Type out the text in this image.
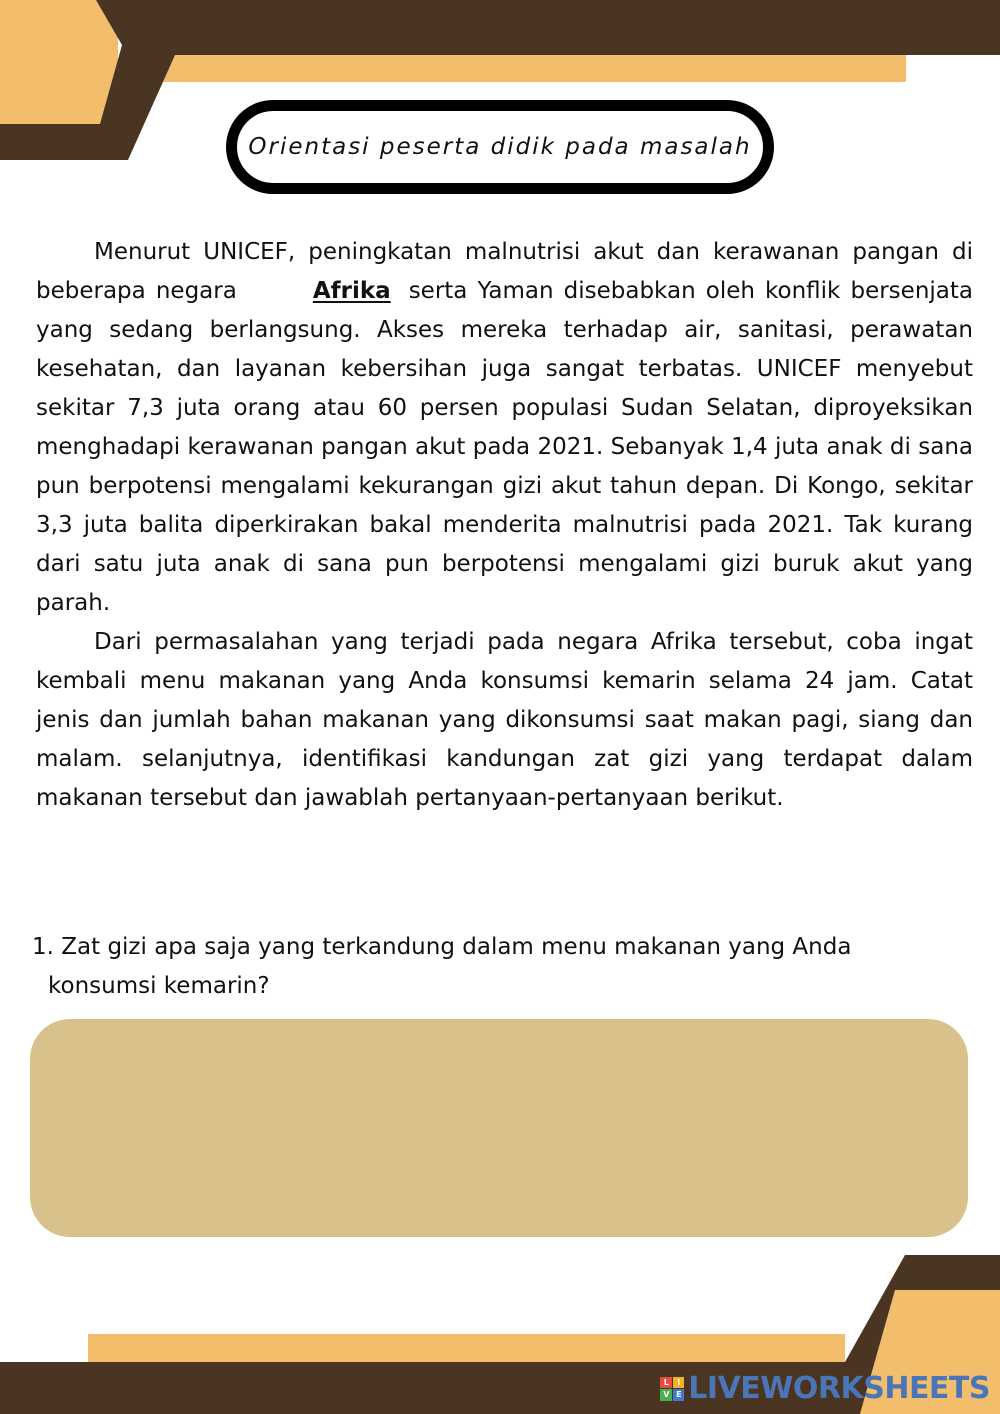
Orientasi peserta didik pada masalah

Menurut UNICEF, peningkatan malnutrisi akut dan kerawanan pangan di beberapa negara	Afrika serta Yaman disebabkan oleh konflik bersenjata yang sedang berlangsung. Akses mereka terhadap air, sanitasi, perawatan kesehatan, dan layanan kebersihan juga sangat terbatas. UNICEF menyebut sekitar 7,3 juta orang atau 60 persen populasi Sudan Selatan, diproyeksikan menghadapi kerawanan pangan akut pada 2021. Sebanyak 1,4 juta anak di sana pun berpotensi mengalami kekurangan gizi akut tahun depan. Di Kongo, sekitar 3,3 juta balita diperkirakan bakal menderita malnutrisi pada 2021. Tak kurang dari satu juta anak di sana pun berpotensi mengalami gizi buruk akut yang parah.

Dari permasalahan yang terjadi pada negara Afrika tersebut, coba ingat kembali menu makanan yang Anda konsumsi kemarin selama 24 jam. Catat jenis dan jumlah bahan makanan yang dikonsumsi saat makan pagi, siang dan malam. selanjutnya, identifikasi kandungan zat gizi yang terdapat dalam makanan tersebut dan jawablah pertanyaan-pertanyaan berikut.

1. Zat gizi apa saja yang terkandung dalam menu makanan yang Anda
konsumsi kemarin?
L	I
V E LIVEWORKSHEETS
